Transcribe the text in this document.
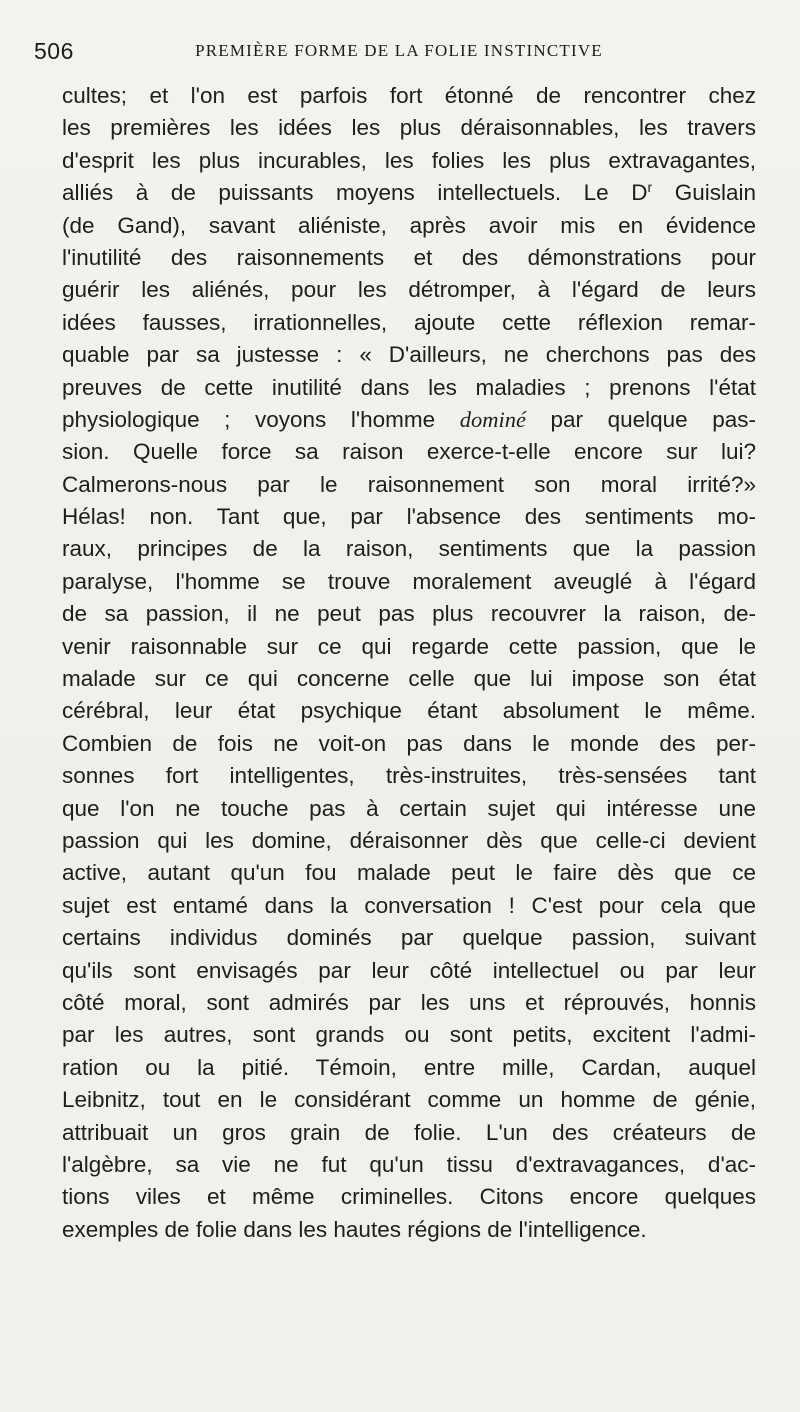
506	PREMIÈRE FORME DE LA FOLIE INSTINCTIVE
cultes; et l'on est parfois fort étonné de rencontrer chez
les premières les idées les plus déraisonnables, les travers
d'esprit les plus incurables, les folies les plus extravagantes,
alliés à de puissants moyens intellectuels. Le $D^r$ Guislain
(de Gand), savant aliéniste, après avoir mis en évidence
l'inutilité des raisonnements et des démonstrations pour
guérir les aliénés, pour les détromper, à l'égard de leurs
idées fausses, irrationnelles, ajoute cette réflexion remar-
quable par sa justesse : « D'ailleurs, ne cherchons pas des
preuves de cette inutilité dans les maladies ; prenons l'état
physiologique ; voyons l'homme dominé par quelque pas-
sion. Quelle force sa raison exerce-t-elle encore sur lui?
Calmerons-nous par le raisonnement son moral irrité?»
Hélas! non. Tant que, par l'absence des sentiments mo-
raux, principes de la raison, sentiments que la passion
paralyse, l'homme se trouve moralement aveuglé à l'égard
de sa passion, il ne peut pas plus recouvrer la raison, de-
venir raisonnable sur ce qui regarde cette passion, que le
malade sur ce qui concerne celle que lui impose son état
cérébral, leur état psychique étant absolument le même.
Combien de fois ne voit-on pas dans le monde des per-
sonnes fort intelligentes, très-instruites, très-sensées tant
que l'on ne touche pas à certain sujet qui intéresse une
passion qui les domine, déraisonner dès que celle-ci devient
active, autant qu'un fou malade peut le faire dès que ce
sujet est entamé dans la conversation ! C'est pour cela que
certains individus dominés par quelque passion, suivant
qu'ils sont envisagés par leur côté intellectuel ou par leur
côté moral, sont admirés par les uns et réprouvés, honnis
par les autres, sont grands ou sont petits, excitent l'admi-
ration ou la pitié. Témoin, entre mille, Cardan, auquel
Leibnitz, tout en le considérant comme un homme de génie,
attribuait un gros grain de folie. L'un des créateurs de
l'algèbre, sa vie ne fut qu'un tissu d'extravagances, d'ac-
tions viles et même criminelles. Citons encore quelques
exemples de folie dans les hautes régions de l'intelligence.
